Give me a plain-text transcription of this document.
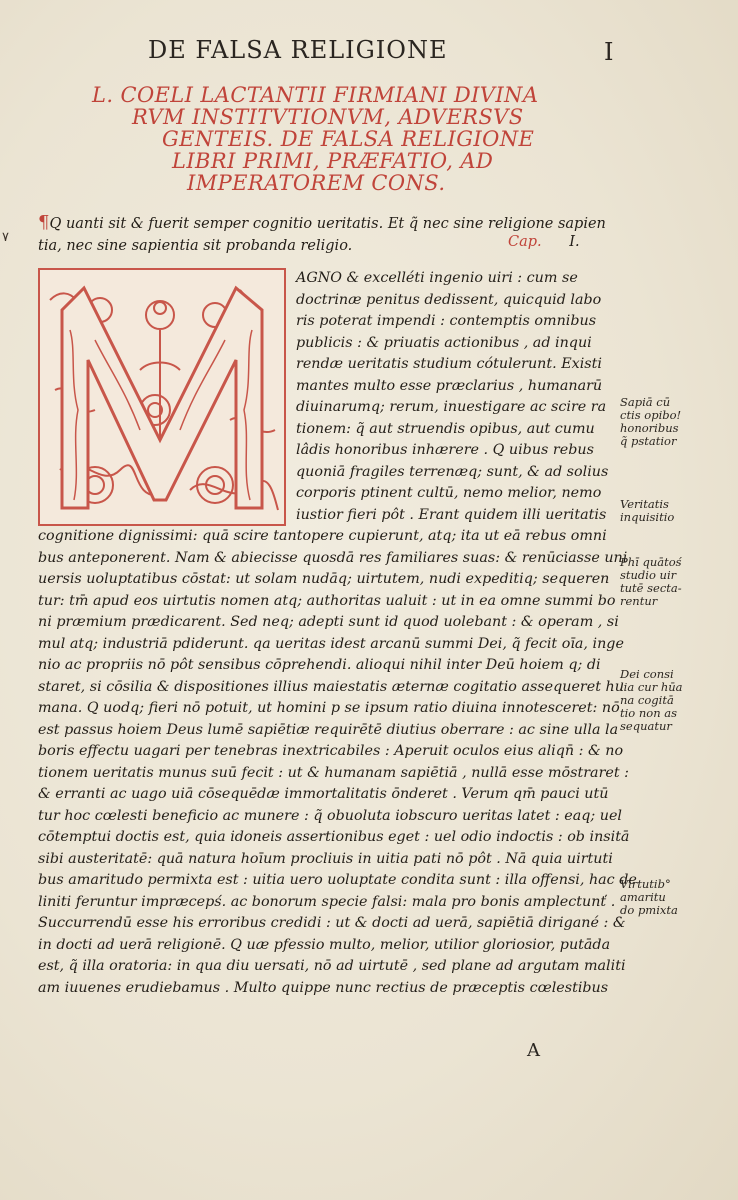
٧
DE FALSA RELIGIONE	I
L. COELI LACTANTII FIRMIANI DIVINA
RVM INSTITVTIONVM, ADVERSVS
GENTEIS. DE FALSA RELIGIONE
LIBRI PRIMI, PRÆFATIO, AD
IMPERATOREM CONS.
¶Q uanti sit & fuerit semper cognitio ueritatis. Et q̃ nec sine religione sapien
tia, nec sine sapientia sit probanda religio.	Cap. I.
AGNO & excelléti ingenio uiri : cum se
doctrinæ penitus dedissent, quicquid labo
ris poterat impendi : contemptis omnibus
publicis : & priuatis actionibus , ad inqui
rendæ ueritatis studium cótulerunt. Existi
mantes multo esse præclarius , humanarū
diuinarumq; rerum, inuestigare ac scire ra
tionem: q̃ aut struendis opibus, aut cumu
lâdis honoribus inhærere . Q uibus rebus
quoniā fragiles terrenæq; sunt, & ad solius
corporis ptinent cultū, nemo melior, nemo
iustior fieri pôt . Erant quidem illi ueritatis
cognitione dignissimi: quā scire tantopere cupierunt, atq; ita ut eā rebus omni
bus anteponerent. Nam & abiecisse quosdā res familiares suas: & renūciasse uni
uersis uoluptatibus cōstat: ut solam nudāq; uirtutem, nudi expeditiq; sequeren
tur: tm̄ apud eos uirtutis nomen atq; authoritas ualuit : ut in ea omne summi bo
ni præmium prædicarent. Sed neq; adepti sunt id quod uolebant : & operam , si
mul atq; industriā pdiderunt. qa ueritas idest arcanū summi Dei, q̃ fecit oīa, inge
nio ac propriis nō pôt sensibus cōprehendi. alioqui nihil inter Deū hoiem q; di
staret, si cōsilia & dispositiones illius maiestatis æternæ cogitatio assequeret hu
mana. Q uodq; fieri nō potuit, ut homini p se ipsum ratio diuina innotesceret: nō
est passus hoiem Deus lumē sapiētiæ requirētē diutius oberrare : ac sine ulla la
boris effectu uagari per tenebras inextricabiles : Aperuit oculos eius aliqn̄ : & no
tionem ueritatis munus suū fecit : ut & humanam sapiētiā , nullā esse mōstraret :
& erranti ac uago uiā cōsequēdæ immortalitatis ōnderet . Verum qm̄ pauci utū
tur hoc cœlesti beneficio ac munere : q̃ obuoluta iobscuro ueritas latet : eaq; uel
cōtemptui doctis est, quia idoneis assertionibus eget : uel odio indoctis : ob insitā
sibi austeritatē: quā natura hoīum procliuis in uitia pati nō pôt . Nā quia uirtuti
bus amaritudo permixta est : uitia uero uoluptate condita sunt : illa offensi, hac de
liniti feruntur impræcepś. ac bonorum specie falsi: mala pro bonis amplectunť .
Succurrendū esse his erroribus credidi : ut & docti ad uerā, sapiētiā dirigané : &
in docti ad uerā religionē. Q uæ pfessio multo, melior, utilior gloriosior, putāda
est, q̃ illa oratoria: in qua diu uersati, nō ad uirtutē , sed plane ad argutam maliti
am iuuenes erudiebamus . Multo quippe nunc rectius de præceptis cœlestibus
Sapiā cū
ctis opibo!
honoribus
q̃ pstatior
Veritatis
inquisitio
Phī quātoś
studio uir
tutē secta-
rentur
Dei consi
lia cur hūa
na cogitā
tio non as
sequatur
Virtutib°
amaritu
do pmixta
A
